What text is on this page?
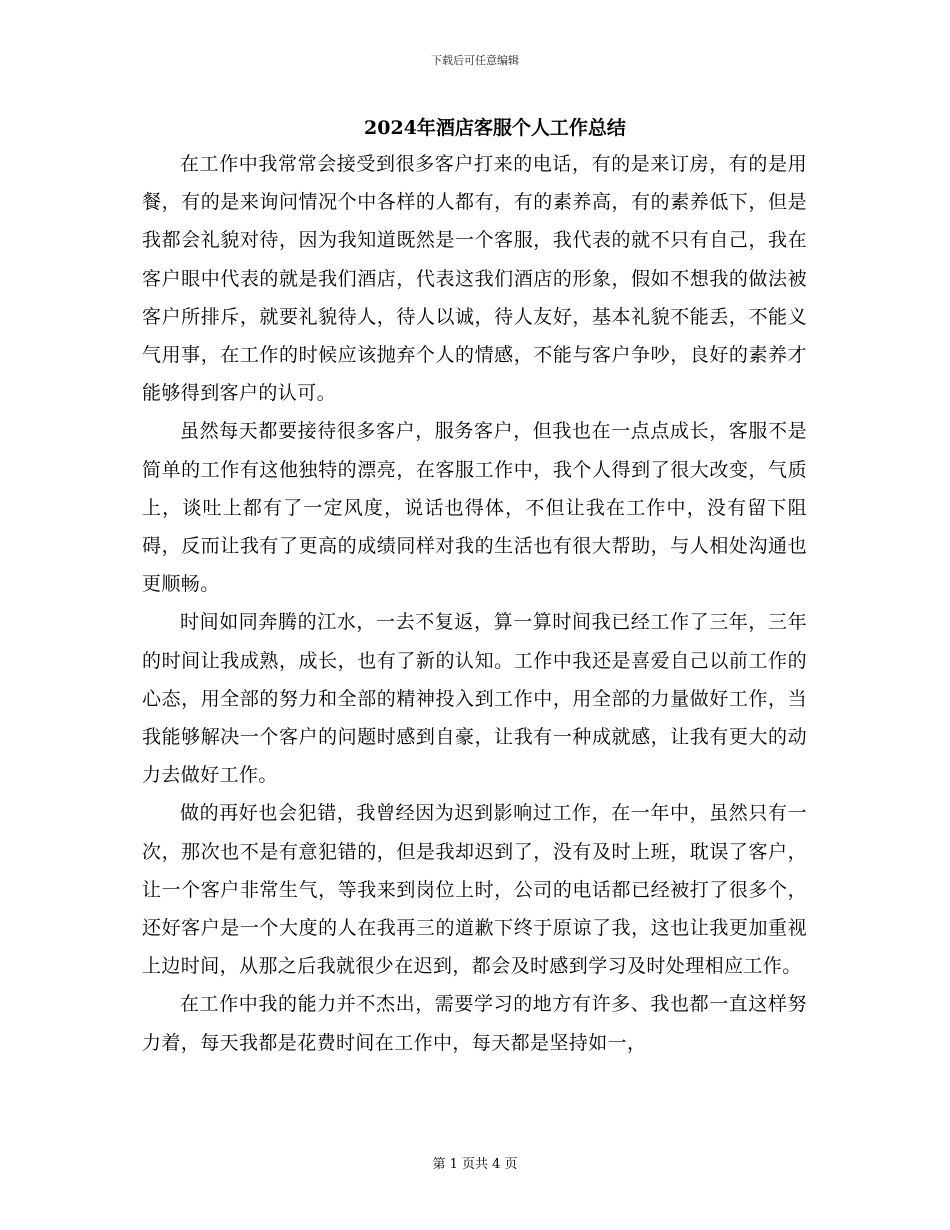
下载后可任意编辑
2024年酒店客服个人工作总结

在工作中我常常会接受到很多客户打来的电话，有的是来订房，有的是用餐，有的是来询问情况个中各样的人都有，有的素养高，有的素养低下，但是我都会礼貌对待，因为我知道既然是一个客服，我代表的就不只有自己，我在客户眼中代表的就是我们酒店，代表这我们酒店的形象，假如不想我的做法被客户所排斥，就要礼貌待人，待人以诚，待人友好，基本礼貌不能丢，不能义气用事，在工作的时候应该抛弃个人的情感，不能与客户争吵，良好的素养才能够得到客户的认可。

虽然每天都要接待很多客户，服务客户，但我也在一点点成长，客服不是简单的工作有这他独特的漂亮，在客服工作中，我个人得到了很大改变，气质上，谈吐上都有了一定风度，说话也得体，不但让我在工作中，没有留下阻碍，反而让我有了更高的成绩同样对我的生活也有很大帮助，与人相处沟通也更顺畅。

时间如同奔腾的江水，一去不复返，算一算时间我已经工作了三年，三年的时间让我成熟，成长，也有了新的认知。工作中我还是喜爱自己以前工作的心态，用全部的努力和全部的精神投入到工作中，用全部的力量做好工作，当我能够解决一个客户的问题时感到自豪，让我有一种成就感，让我有更大的动力去做好工作。

做的再好也会犯错，我曾经因为迟到影响过工作，在一年中，虽然只有一次，那次也不是有意犯错的，但是我却迟到了，没有及时上班，耽误了客户，让一个客户非常生气，等我来到岗位上时，公司的电话都已经被打了很多个，还好客户是一个大度的人在我再三的道歉下终于原谅了我，这也让我更加重视上边时间，从那之后我就很少在迟到，都会及时感到学习及时处理相应工作。

在工作中我的能力并不杰出，需要学习的地方有许多、我也都一直这样努力着，每天我都是花费时间在工作中，每天都是坚持如一，

第 1 页共 4 页
